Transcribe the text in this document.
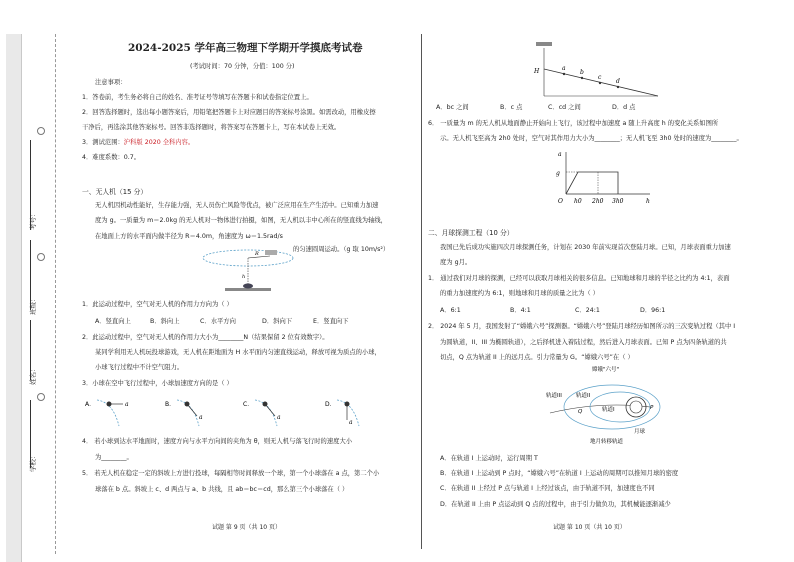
考号：
班级：
姓名：
学校：
2024-2025 学年高三物理下学期开学摸底考试卷
(考试时间：70 分钟，分值：100 分)
注意事项：
1．答卷前，考生务必将自己的姓名、准考证号等填写在答题卡和试卷指定位置上。
2．回答选择题时，选出每小题答案后，用铅笔把答题卡上对应题目的答案标号涂黑。如需改动，用橡皮擦
干净后，再选涂其他答案标号。回答非选择题时，将答案写在答题卡上，写在本试卷上无效。
3．测试范围：沪科版 2020 全科内容。
4．难度系数：0.7。
一、无人机（15 分）
无人机因机动性能好，生存能力强，无人员伤亡风险等优点，被广泛应用在生产生活中。已知重力加速
度为 g。一质量为 m＝2.0kg 的无人机对一物体进行拍摄，如图，无人机以丰中心所在的竖直线为轴线，
在地面上方的水平面内做半径为 R＝4.0m，角速度为 ω＝1.5rad/s
的匀速圆周运动。（g 取 10m/s²）
R
h
1．此运动过程中，空气对无人机的作用力方向为（ ）
A．竖直向上	B．斜向上	C．水平方向	D．斜向下	E．竖直向下
2．此运动过程中，空气对无人机的作用力大小为________N（结果保留 2 位有效数字）。
某同学利用无人机玩投球游戏，无人机在距地面为 H 水平面内匀速直线运动，释放可视为质点的小球，
小球飞行过程中不计空气阻力。
3．小球在空中飞行过程中，小球加速度方向的是（ ）
a
a	a
a
A．	B．	C．	D．
4． 若小球到达水平地面时，速度方向与水平方向间的夹角为 θ，则无人机与落飞行时的速度大小
为________。
5． 若无人机在稳定一定的斜坡上方进行投球，每隔相等时间释放一个球，第一个小球落在 a 点，第二个小
球落在 b 点。斜坡上 c、d 两点与 a、b 共线，且 ab＝bc＝cd，那么第三个小球落在（ ）
试题 第 9 页（共 10 页）
H	a
b
c
d
A．bc 之间	B．c 点	C．cd 之间	D．d 点
6． 一质量为 m 的无人机从地面静止开始向上飞行，该过程中加速度 a 随上升高度 h 的变化关系如图所
示。无人机飞至高为 2h0 处时，空气对其作用力大小为________；无人机飞至 3h0 处时的速度为________。
a
g
O h0 2h0 3h0	h
二、月球探测工程（10 分）
我国已先后成功实施四次月球探测任务，计划在 2030 年前实现首次登陆月球。已知，月球表面重力加速
度为 g月。
1． 通过我们对月球的探测，已经可以获取月球相关的很多信息。已知地球和月球的半径之比约为 4:1，表面
的重力加速度约为 6:1，则地球和月球的质量之比为（ ）
A．6:1	B．4:1	C．24:1	D．96:1
2． 2024 年 5 月，我国发射了“嫦娥六号”探测器。“嫦娥六号”登陆月球经历如图所示的三次变轨过程（其中 I
为圆轨道，II、III 为椭圆轨道），之后择机进入着陆过程，然后进入月球表面。已知 P 点为四条轨道的共
切点，Q 点为轨道 II 上的远月点。引力常量为 G。“嫦娥六号”在（ ）
嫦娥"六号"
轨道III	轨道II
轨道I
Q
P
月球
地月转移轨道
A．在轨道 I 上运动时，运行周期 T
B．在轨道 I 上运动到 P 点时，“嫦娥六号”在轨道 I 上运动的周期可以推知月球的密度
C．在轨道 II 上经过 P 点与轨道 I 上经过该点，由于轨道不同，加速度也不同
D．在轨道 II 上由 P 点运动到 Q 点的过程中，由于引力做负功，其机械能逐渐减少
试题 第 10 页（共 10 页）
